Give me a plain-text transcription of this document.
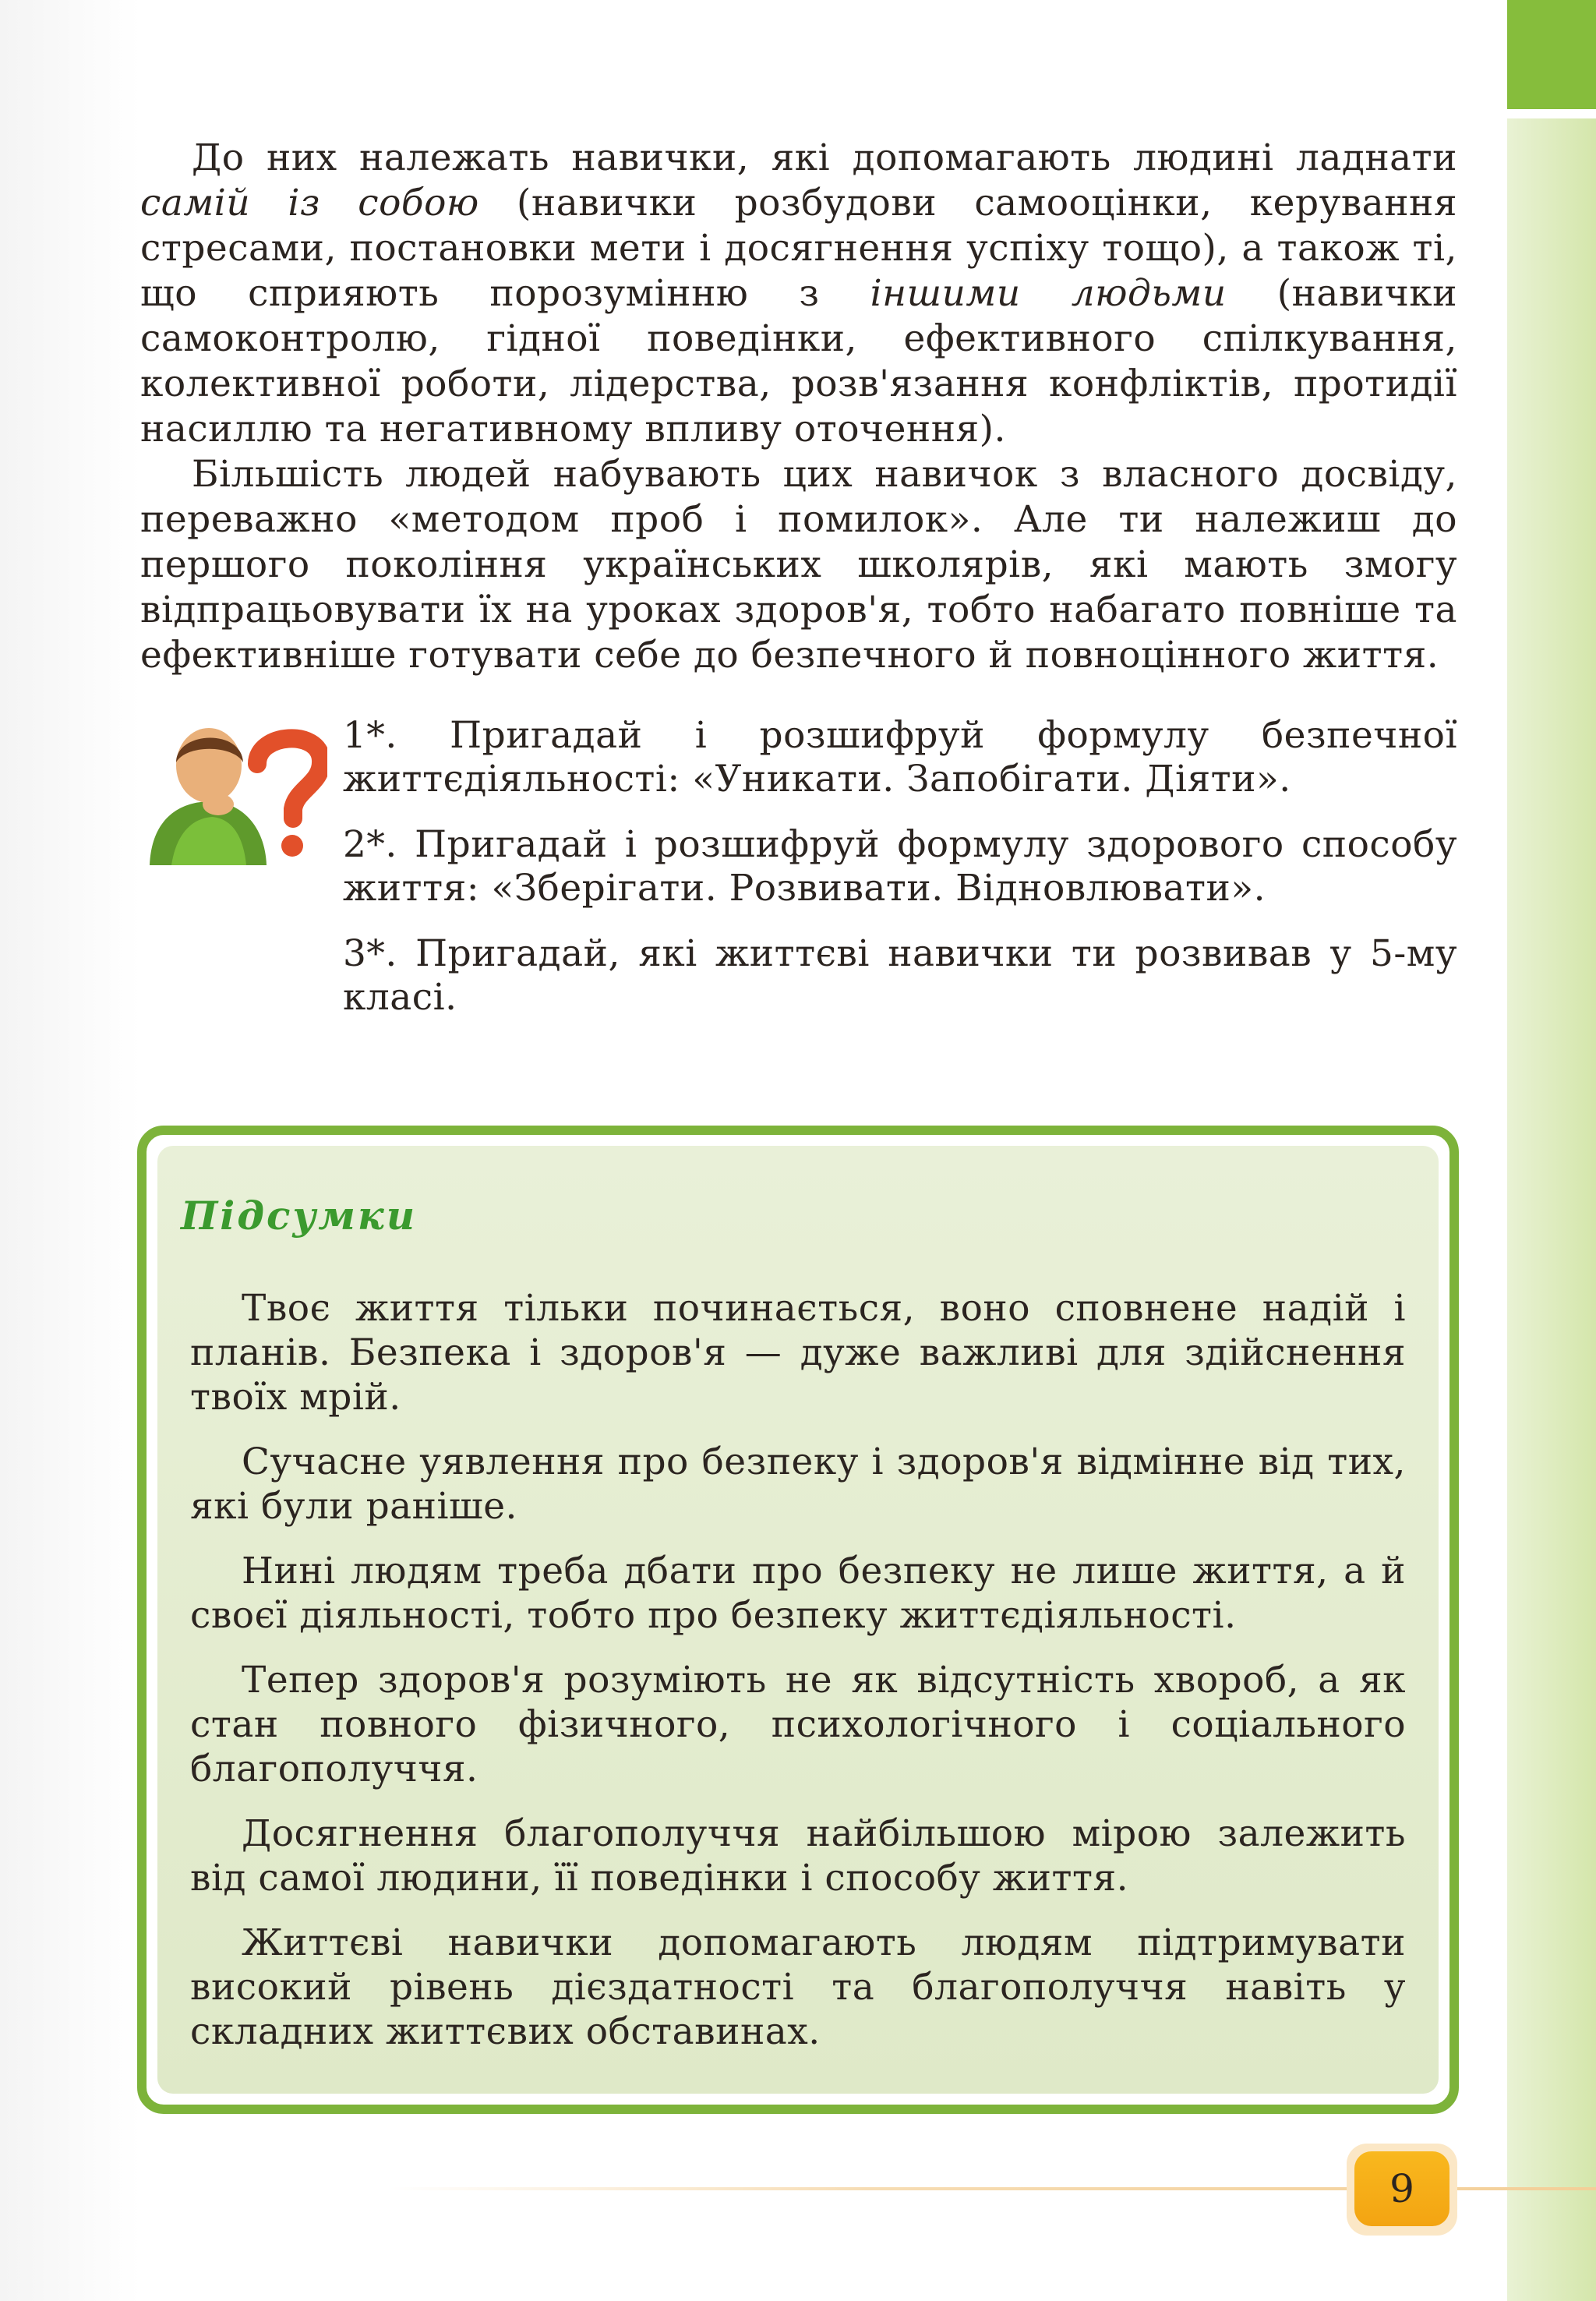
До них належать навички, які допомагають людині ладнати самій із собою (навички розбудови самооцінки, керування стресами, постановки мети і досягнення успіху тощо), а також ті, що сприяють порозумінню з іншими людьми (навички самоконтролю, гідної поведінки, ефективного спілкування, колективної роботи, лідерства, розв'язання конфліктів, протидії насиллю та негативному впливу оточення).

Більшість людей набувають цих навичок з власного досвіду, переважно «методом проб і помилок». Але ти належиш до першого покоління українських школярів, які мають змогу відпрацьовувати їх на уроках здоров'я, тобто набагато повніше та ефективніше готувати себе до безпечного й повноцінного життя.

1*. Пригадай і розшифруй формулу безпечної життєдіяльності: «Уникати. Запобігати. Діяти».

2*. Пригадай і розшифруй формулу здорового способу життя: «Зберігати. Розвивати. Відновлювати».

3*. Пригадай, які життєві навички ти розвивав у 5-му класі.

Підсумки

Твоє життя тільки починається, воно сповнене надій і планів. Безпека і здоров'я — дуже важливі для здійснення твоїх мрій.

Сучасне уявлення про безпеку і здоров'я відмінне від тих, які були раніше.

Нині людям треба дбати про безпеку не лише життя, а й своєї діяльності, тобто про безпеку життєдіяльності.

Тепер здоров'я розуміють не як відсутність хвороб, а як стан повного фізичного, психологічного і соціального благополуччя.

Досягнення благополуччя найбільшою мірою залежить від самої людини, її поведінки і способу життя.

Життєві навички допомагають людям підтримувати високий рівень дієздатності та благополуччя навіть у складних життєвих обставинах.

9
